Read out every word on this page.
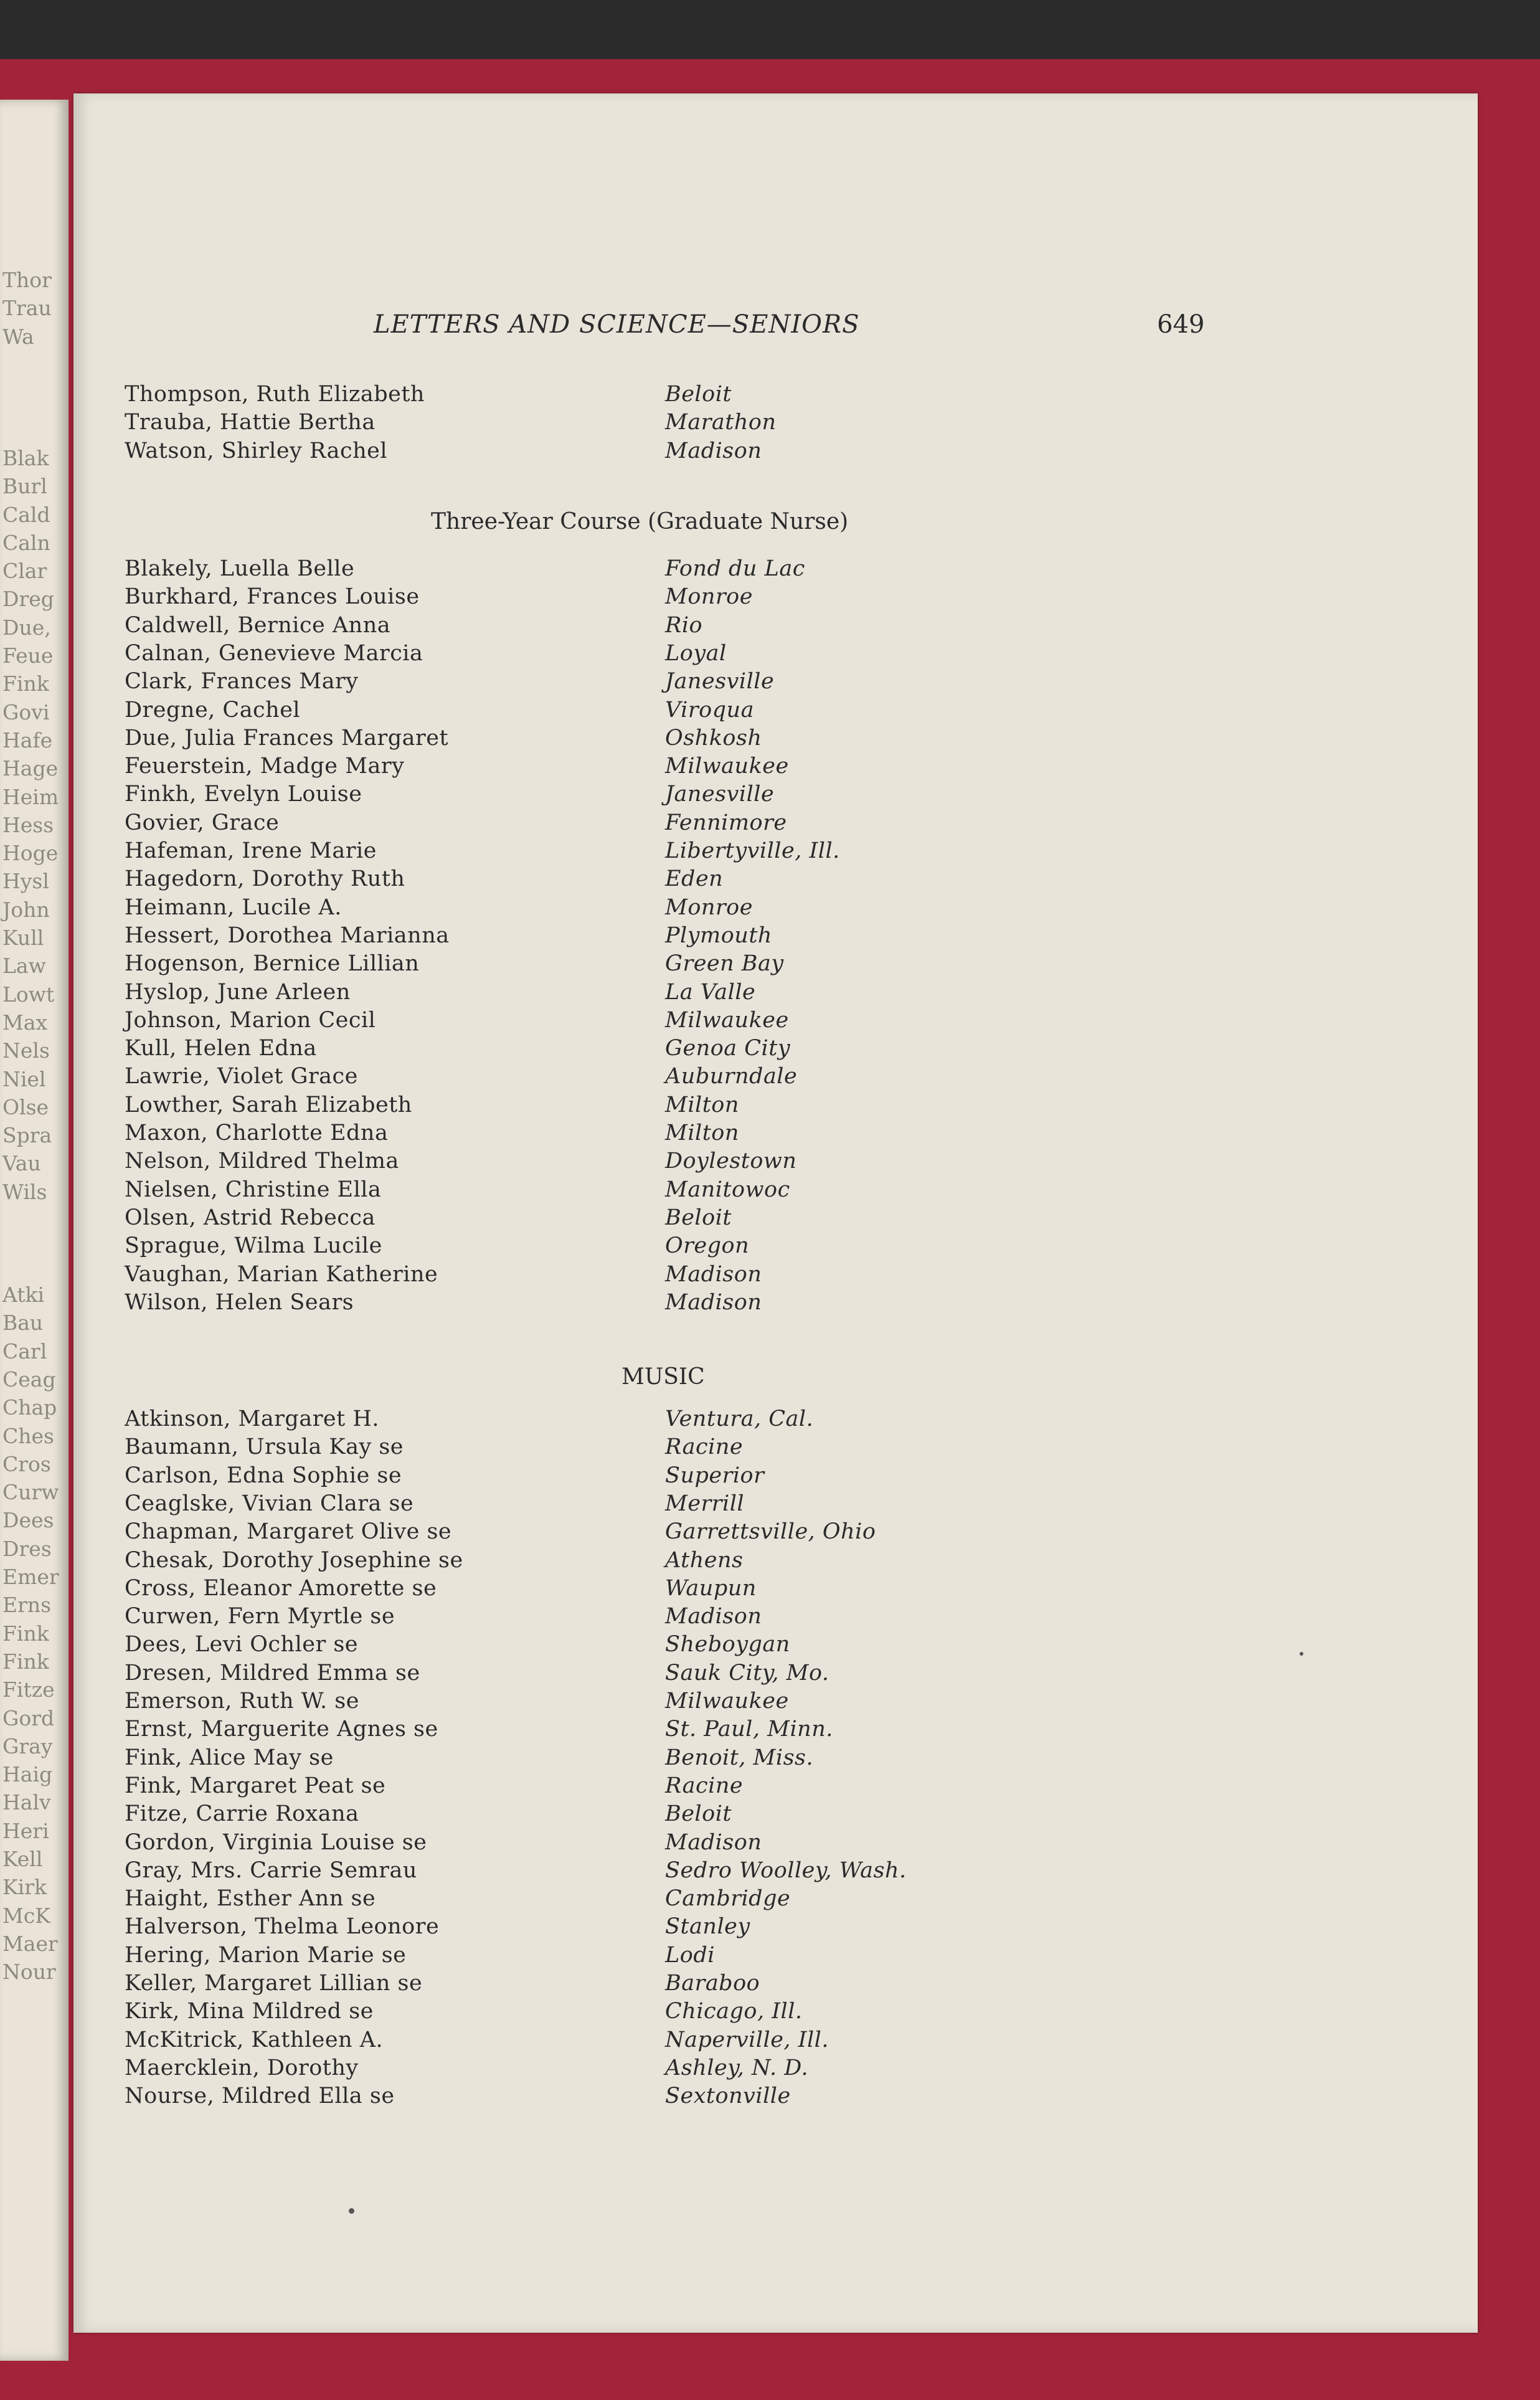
Thor
Trau
Wa
Blak
Burl
Cald
Caln
Clar
Dreg
Due,
Feue
Fink
Govi
Hafe
Hage
Heim
Hess
Hoge
Hysl
John
Kull
Law
Lowt
Max
Nels
Niel
Olse
Spra
Vau
Wils
Atki
Bau
Carl
Ceag
Chap
Ches
Cros
Curw
Dees
Dres
Emer
Erns
Fink
Fink
Fitze
Gord
Gray
Haig
Halv
Heri
Kell
Kirk
McK
Maer
Nour
LETTERS AND SCIENCE—SENIORS	649
Thompson, Ruth Elizabeth	Beloit
Trauba, Hattie Bertha	Marathon
Watson, Shirley Rachel	Madison
Three-Year Course (Graduate Nurse)
Blakely, Luella Belle	Fond du Lac
Burkhard, Frances Louise	Monroe
Caldwell, Bernice Anna	Rio
Calnan, Genevieve Marcia	Loyal
Clark, Frances Mary	Janesville
Dregne, Cachel	Viroqua
Due, Julia Frances Margaret	Oshkosh
Feuerstein, Madge Mary	Milwaukee
Finkh, Evelyn Louise	Janesville
Govier, Grace	Fennimore
Hafeman, Irene Marie	Libertyville, Ill.
Hagedorn, Dorothy Ruth	Eden
Heimann, Lucile A.	Monroe
Hessert, Dorothea Marianna	Plymouth
Hogenson, Bernice Lillian	Green Bay
Hyslop, June Arleen	La Valle
Johnson, Marion Cecil	Milwaukee
Kull, Helen Edna	Genoa City
Lawrie, Violet Grace	Auburndale
Lowther, Sarah Elizabeth	Milton
Maxon, Charlotte Edna	Milton
Nelson, Mildred Thelma	Doylestown
Nielsen, Christine Ella	Manitowoc
Olsen, Astrid Rebecca	Beloit
Sprague, Wilma Lucile	Oregon
Vaughan, Marian Katherine	Madison
Wilson, Helen Sears	Madison
MUSIC
Atkinson, Margaret H.	Ventura, Cal.
Baumann, Ursula Kay se	Racine
Carlson, Edna Sophie se	Superior
Ceaglske, Vivian Clara se	Merrill
Chapman, Margaret Olive se	Garrettsville, Ohio
Chesak, Dorothy Josephine se	Athens
Cross, Eleanor Amorette se	Waupun
Curwen, Fern Myrtle se	Madison
Dees, Levi Ochler se	Sheboygan
Dresen, Mildred Emma se	Sauk City, Mo.
Emerson, Ruth W. se	Milwaukee
Ernst, Marguerite Agnes se	St. Paul, Minn.
Fink, Alice May se	Benoit, Miss.
Fink, Margaret Peat se	Racine
Fitze, Carrie Roxana	Beloit
Gordon, Virginia Louise se	Madison
Gray, Mrs. Carrie Semrau	Sedro Woolley, Wash.
Haight, Esther Ann se	Cambridge
Halverson, Thelma Leonore	Stanley
Hering, Marion Marie se	Lodi
Keller, Margaret Lillian se	Baraboo
Kirk, Mina Mildred se	Chicago, Ill.
McKitrick, Kathleen A.	Naperville, Ill.
Maercklein, Dorothy	Ashley, N. D.
Nourse, Mildred Ella se	Sextonville
